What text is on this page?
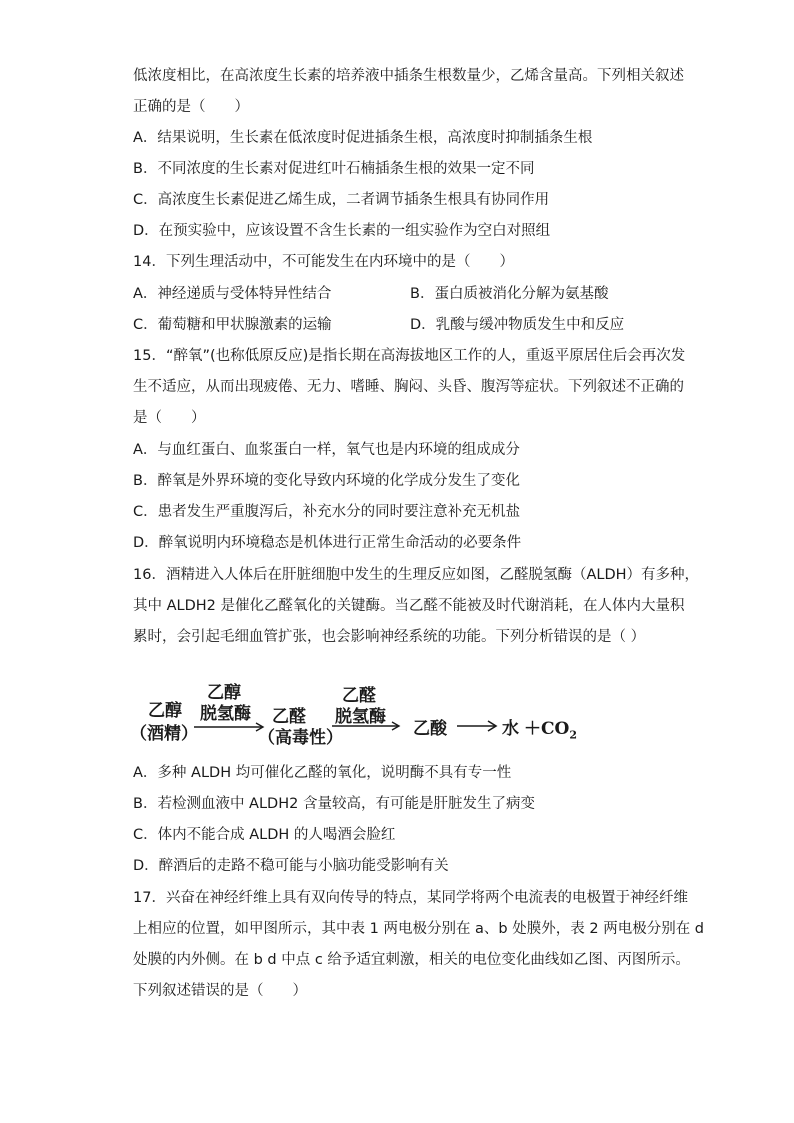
低浓度相比，在高浓度生长素的培养液中插条生根数量少，乙烯含量高。下列相关叙述
正确的是（　　）
A．结果说明，生长素在低浓度时促进插条生根，高浓度时抑制插条生根
B．不同浓度的生长素对促进红叶石楠插条生根的效果一定不同
C．高浓度生长素促进乙烯生成，二者调节插条生根具有协同作用
D．在预实验中，应该设置不含生长素的一组实验作为空白对照组
14．下列生理活动中，不可能发生在内环境中的是（　　）
A．神经递质与受体特异性结合	B．蛋白质被消化分解为氨基酸
C．葡萄糖和甲状腺激素的运输	D．乳酸与缓冲物质发生中和反应
15．“醉氧”(也称低原反应)是指长期在高海拔地区工作的人，重返平原居住后会再次发
生不适应，从而出现疲倦、无力、嗜睡、胸闷、头昏、腹泻等症状。下列叙述不正确的
是（　　）
A．与血红蛋白、血浆蛋白一样，氧气也是内环境的组成成分
B．醉氧是外界环境的变化导致内环境的化学成分发生了变化
C．患者发生严重腹泻后，补充水分的同时要注意补充无机盐
D．醉氧说明内环境稳态是机体进行正常生命活动的必要条件
16．酒精进入人体后在肝脏细胞中发生的生理反应如图，乙醛脱氢酶（ALDH）有多种，
其中 ALDH2 是催化乙醛氧化的关键酶。当乙醛不能被及时代谢消耗，在人体内大量积
累时，会引起毛细血管扩张，也会影响神经系统的功能。下列分析错误的是（ ）
乙醇
（酒精）
乙醇
脱氢酶 乙醛
（高毒性）
乙醛
脱氢酶
乙酸 → 水 $+CO_2$
A．多种 ALDH 均可催化乙醛的氧化，说明酶不具有专一性
B．若检测血液中 ALDH2 含量较高，有可能是肝脏发生了病变
C．体内不能合成 ALDH 的人喝酒会脸红
D．醉酒后的走路不稳可能与小脑功能受影响有关
17．兴奋在神经纤维上具有双向传导的特点，某同学将两个电流表的电极置于神经纤维
上相应的位置，如甲图所示，其中表 1 两电极分别在 a、b 处膜外，表 2 两电极分别在 d
处膜的内外侧。在 b d 中点 c 给予适宜刺激，相关的电位变化曲线如乙图、丙图所示。
下列叙述错误的是（　　）
